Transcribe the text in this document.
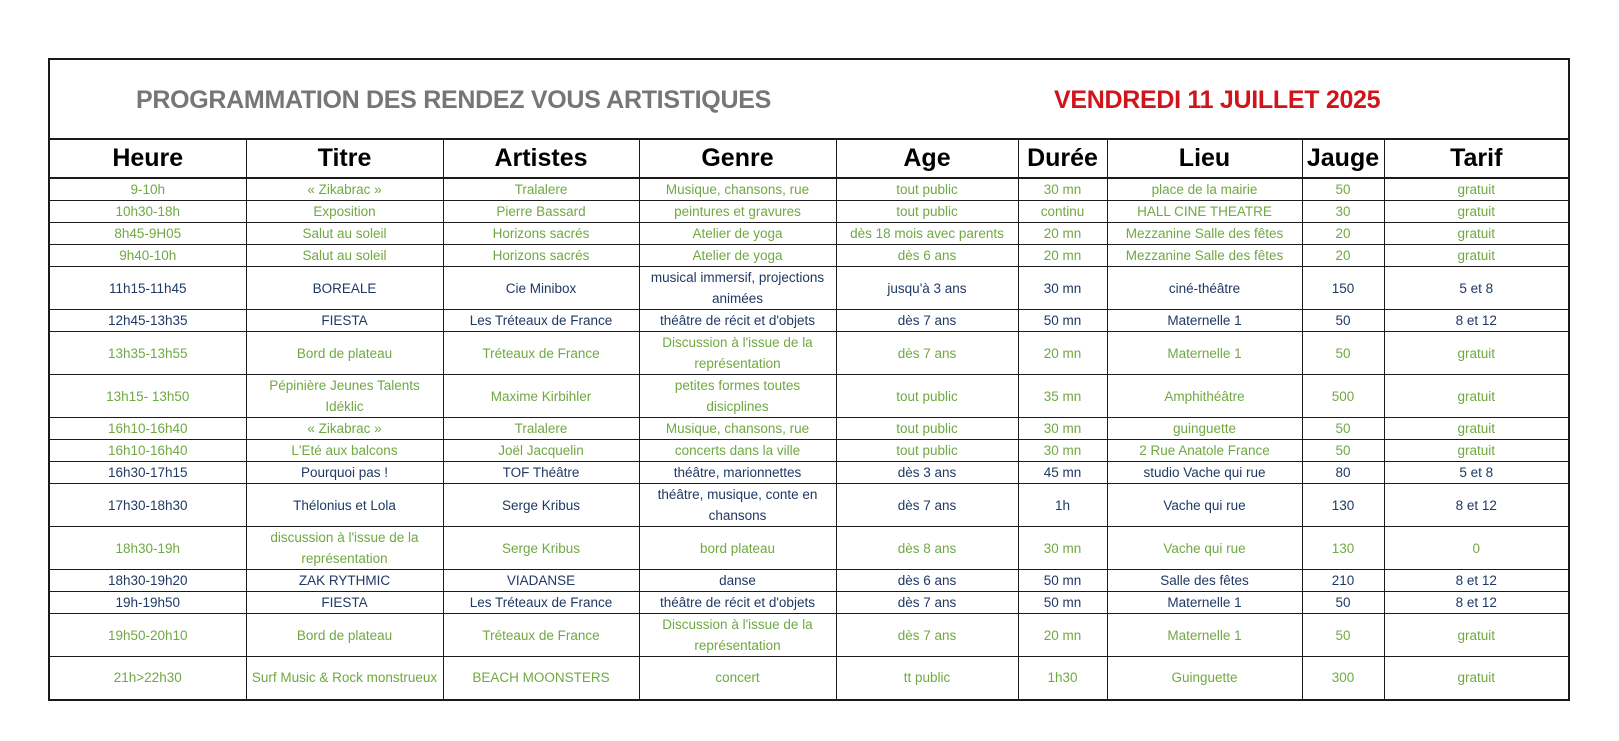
PROGRAMMATION DES RENDEZ VOUS ARTISTIQUES	VENDREDI 11 JUILLET 2025
Heure	Titre	Artistes	Genre	Age	Durée	Lieu	Jauge	Tarif
9-10h	« Zikabrac »	Tralalere	Musique, chansons, rue	tout public	30 mn	place de la mairie	50	gratuit
10h30-18h	Exposition	Pierre Bassard	peintures et gravures	tout public	continu	HALL CINE THEATRE	30	gratuit
8h45-9H05	Salut au soleil	Horizons sacrés	Atelier de yoga	dès 18 mois avec parents	20 mn	Mezzanine Salle des fêtes	20	gratuit
9h40-10h	Salut au soleil	Horizons sacrés	Atelier de yoga	dès 6 ans	20 mn	Mezzanine Salle des fêtes	20	gratuit
11h15-11h45	BOREALE	Cie Minibox	musical immersif, projections animées	jusqu'à 3 ans	30 mn	ciné-théâtre	150	5 et 8
12h45-13h35	FIESTA	Les Tréteaux de France	théâtre de récit et d'objets	dès 7 ans	50 mn	Maternelle 1	50	8 et 12
13h35-13h55	Bord de plateau	Tréteaux de France	Discussion à l'issue de la représentation	dès 7 ans	20 mn	Maternelle 1	50	gratuit
13h15- 13h50	Pépinière Jeunes Talents Idéklic	Maxime Kirbihler	petites formes toutes disicplines	tout public	35 mn	Amphithéâtre	500	gratuit
16h10-16h40	« Zikabrac »	Tralalere	Musique, chansons, rue	tout public	30 mn	guinguette	50	gratuit
16h10-16h40	L'Eté aux balcons	Joël Jacquelin	concerts dans la ville	tout public	30 mn	2 Rue Anatole France	50	gratuit
16h30-17h15	Pourquoi pas !	TOF Théâtre	théâtre, marionnettes	dès 3 ans	45 mn	studio Vache qui rue	80	5 et 8
17h30-18h30	Thélonius et Lola	Serge Kribus	théâtre, musique, conte en chansons	dès 7 ans	1h	Vache qui rue	130	8 et 12
18h30-19h	discussion à l'issue de la représentation	Serge Kribus	bord plateau	dès 8 ans	30 mn	Vache qui rue	130	0
18h30-19h20	ZAK RYTHMIC	VIADANSE	danse	dès 6 ans	50 mn	Salle des fêtes	210	8 et 12
19h-19h50	FIESTA	Les Tréteaux de France	théâtre de récit et d'objets	dès 7 ans	50 mn	Maternelle 1	50	8 et 12
19h50-20h10	Bord de plateau	Tréteaux de France	Discussion à l'issue de la représentation	dès 7 ans	20 mn	Maternelle 1	50	gratuit
21h>22h30	Surf Music & Rock monstrueux	BEACH MOONSTERS	concert	tt public	1h30	Guinguette	300	gratuit
